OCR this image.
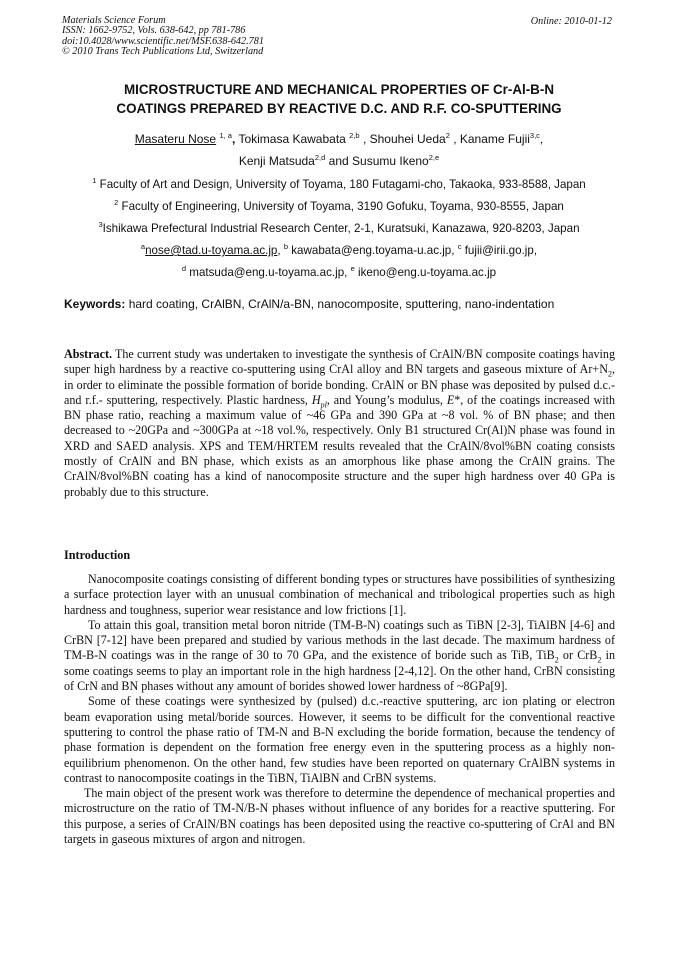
Materials Science Forum
ISSN: 1662-9752, Vols. 638-642, pp 781-786
doi:10.4028/www.scientific.net/MSF.638-642.781
© 2010 Trans Tech Publications Ltd, Switzerland
Online: 2010-01-12
MICROSTRUCTURE AND MECHANICAL PROPERTIES OF Cr-Al-B-N
COATINGS PREPARED BY REACTIVE D.C. AND R.F. CO-SPUTTERING
Masateru Nose $^{1, a}$, Tokimasa Kawabata $^{2,b}$ , Shouhei Ueda$^2$ , Kaname Fujii$^{3,c}$,
Kenji Matsuda$^{2,d}$ and Susumu Ikeno$^{2,e}$
$^1$ Faculty of Art and Design, University of Toyama, 180 Futagami-cho, Takaoka, 933-8588, Japan
$^2$ Faculty of Engineering, University of Toyama, 3190 Gofuku, Toyama, 930-8555, Japan
$^3$Ishikawa Prefectural Industrial Research Center, 2-1, Kuratsuki, Kanazawa, 920-8203, Japan
$^a$nose@tad.u-toyama.ac.jp, $^b$ kawabata@eng.toyama-u.ac.jp, $^c$ fujii@irii.go.jp,
$^d$ matsuda@eng.u-toyama.ac.jp, $^e$ ikeno@eng.u-toyama.ac.jp
Keywords: hard coating, CrAlBN, CrAlN/a-BN, nanocomposite, sputtering, nano-indentation
Abstract. The current study was undertaken to investigate the synthesis of CrAlN/BN composite coatings having super high hardness by a reactive co-sputtering using CrAl alloy and BN targets and gaseous mixture of $Ar+N_2$, in order to eliminate the possible formation of boride bonding. CrAlN or BN phase was deposited by pulsed d.c.- and r.f.- sputtering, respectively. Plastic hardness, $H_{pl}$, and Young’s modulus, E*, of the coatings increased with BN phase ratio, reaching a maximum value of ~46 GPa and 390 GPa at ~8 vol. % of BN phase; and then decreased to ~20GPa and ~300GPa at ~18 vol.%, respectively. Only B1 structured Cr(Al)N phase was found in XRD and SAED analysis. XPS and TEM/HRTEM results revealed that the CrAlN/8vol%BN coating consists mostly of CrAlN and BN phase, which exists as an amorphous like phase among the CrAlN grains. The CrAlN/8vol%BN coating has a kind of nanocomposite structure and the super high hardness over 40 GPa is probably due to this structure.
Introduction

Nanocomposite coatings consisting of different bonding types or structures have possibilities of synthesizing a surface protection layer with an unusual combination of mechanical and tribological properties such as high hardness and toughness, superior wear resistance and low frictions [1].

To attain this goal, transition metal boron nitride (TM-B-N) coatings such as TiBN [2-3], TiAlBN [4-6] and CrBN [7-12] have been prepared and studied by various methods in the last decade. The maximum hardness of TM-B-N coatings was in the range of 30 to 70 GPa, and the existence of boride such as TiB, TiB$_2$ or CrB$_2$ in some coatings seems to play an important role in the high hardness [2-4,12]. On the other hand, CrBN consisting of CrN and BN phases without any amount of borides showed lower hardness of ~8GPa[9].

Some of these coatings were synthesized by (pulsed) d.c.-reactive sputtering, arc ion plating or electron beam evaporation using metal/boride sources. However, it seems to be difficult for the conventional reactive sputtering to control the phase ratio of TM-N and B-N excluding the boride formation, because the tendency of phase formation is dependent on the formation free energy even in the sputtering process as a highly non-equilibrium phenomenon. On the other hand, few studies have been reported on quaternary CrAlBN systems in contrast to nanocomposite coatings in the TiBN, TiAlBN and CrBN systems.

The main object of the present work was therefore to determine the dependence of mechanical properties and microstructure on the ratio of TM-N/B-N phases without influence of any borides for a reactive sputtering. For this purpose, a series of CrAlN/BN coatings has been deposited using the reactive co-sputtering of CrAl and BN targets in gaseous mixtures of argon and nitrogen.
